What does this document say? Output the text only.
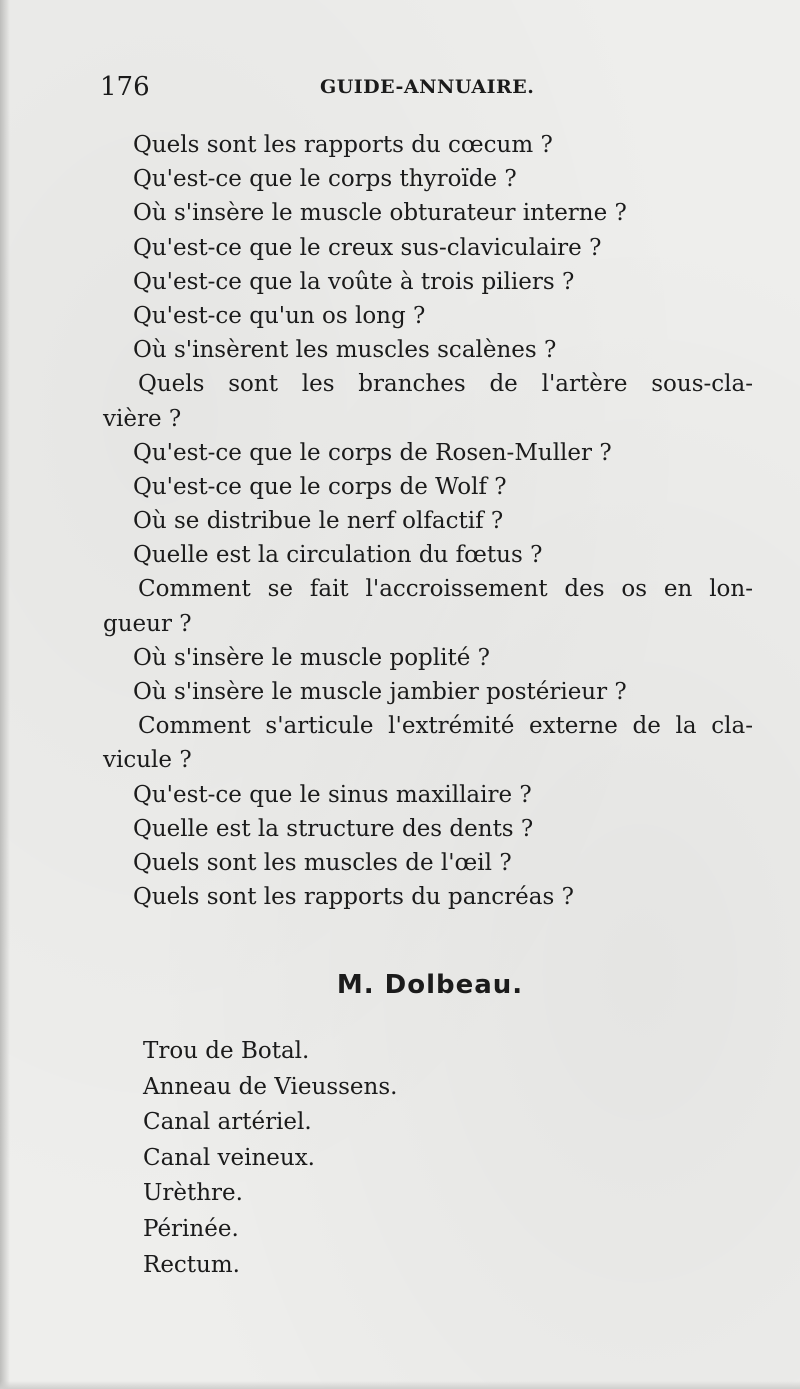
176	GUIDE-ANNUAIRE.
Quels sont les rapports du cœcum ?
Qu'est-ce que le corps thyroïde ?
Où s'insère le muscle obturateur interne ?
Qu'est-ce que le creux sus-claviculaire ?
Qu'est-ce que la voûte à trois piliers ?
Qu'est-ce qu'un os long ?
Où s'insèrent les muscles scalènes ?
Quels sont les branches de l'artère sous-cla-
vière ?
Qu'est-ce que le corps de Rosen-Muller ?
Qu'est-ce que le corps de Wolf ?
Où se distribue le nerf olfactif ?
Quelle est la circulation du fœtus ?
Comment se fait l'accroissement des os en lon-
gueur ?
Où s'insère le muscle poplité ?
Où s'insère le muscle jambier postérieur ?
Comment s'articule l'extrémité externe de la cla-
vicule ?
Qu'est-ce que le sinus maxillaire ?
Quelle est la structure des dents ?
Quels sont les muscles de l'œil ?
Quels sont les rapports du pancréas ?
M. Dolbeau.
Trou de Botal.
Anneau de Vieussens.
Canal artériel.
Canal veineux.
Urèthre.
Périnée.
Rectum.
